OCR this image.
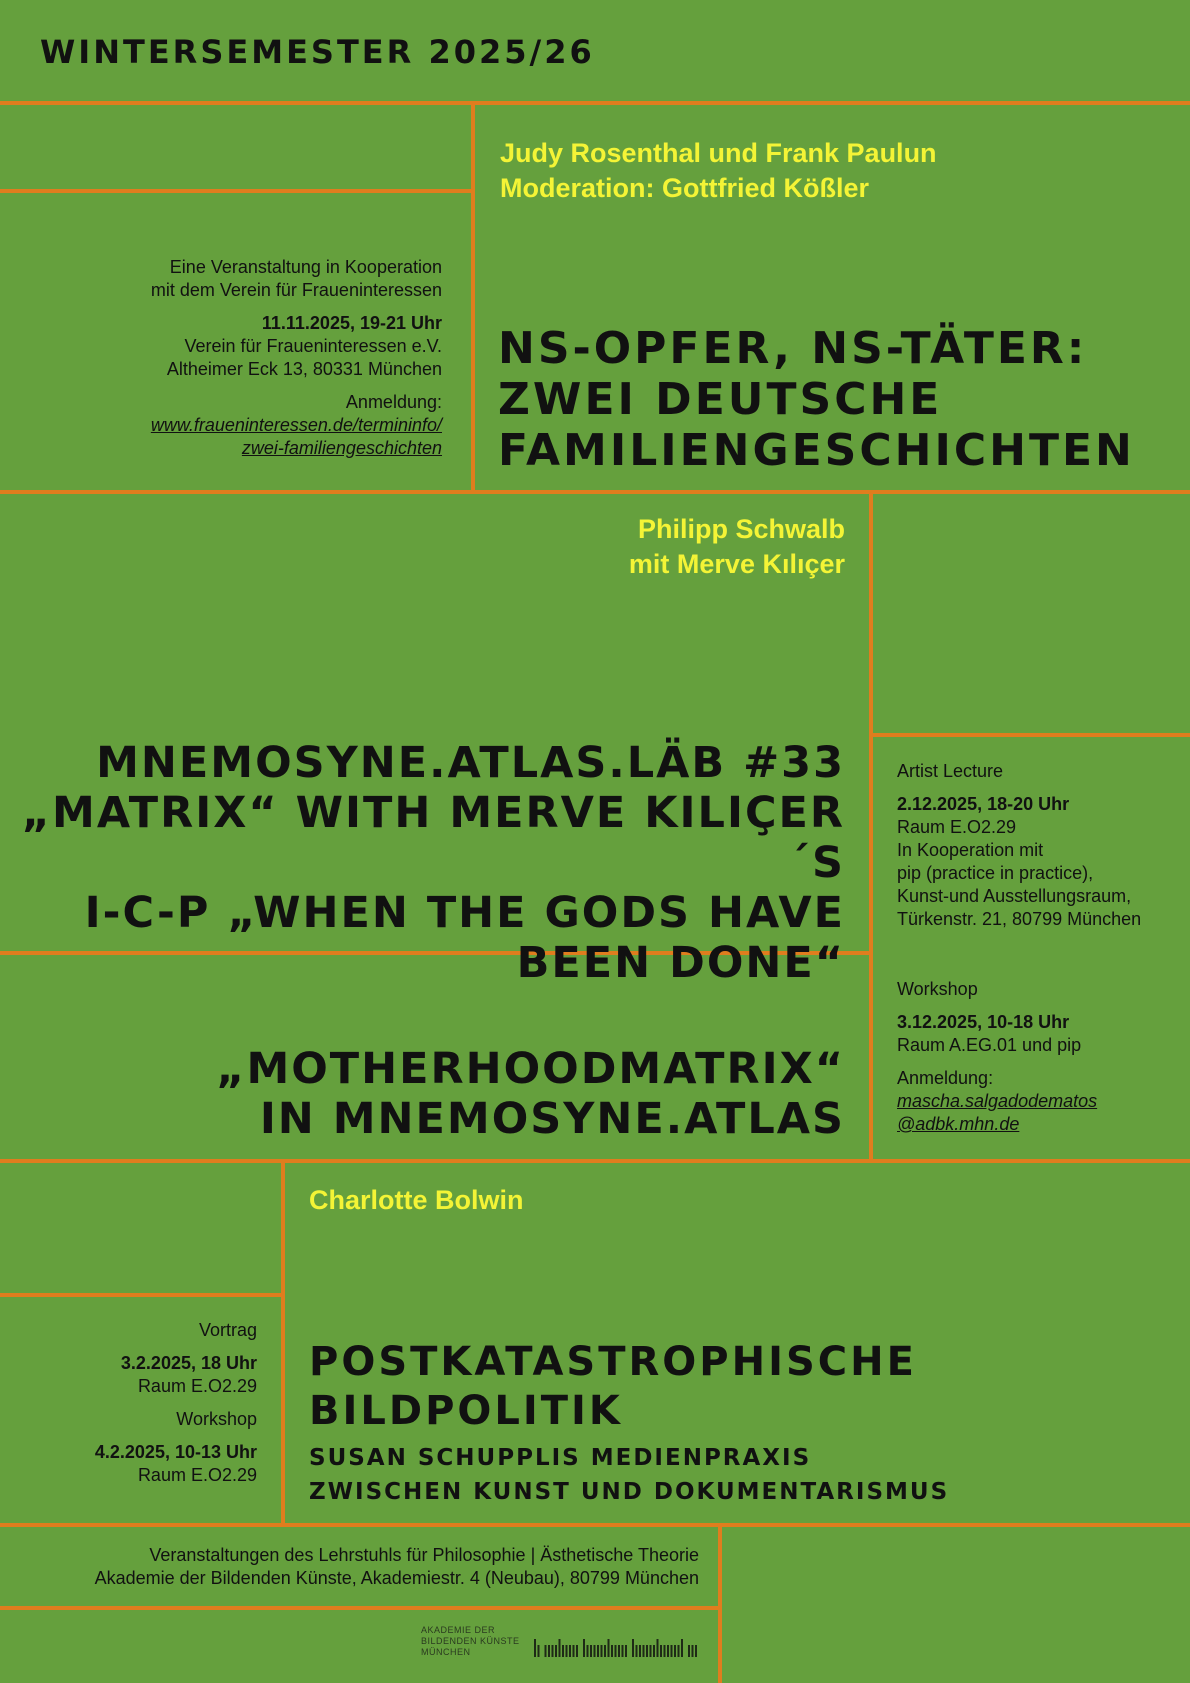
WINTERSEMESTER 2025/26
Judy Rosenthal und Frank Paulun
Moderation: Gottfried Kößler
Eine Veranstaltung in Kooperation
mit dem Verein für Fraueninteressen
11.11.2025, 19-21 Uhr
Verein für Fraueninteressen e.V.
Altheimer Eck 13, 80331 München
Anmeldung:
www.fraueninteressen.de/termininfo/
zwei-familiengeschichten
NS-OPFER, NS-TÄTER:
ZWEI DEUTSCHE
FAMILIENGESCHICHTEN
Philipp Schwalb
mit Merve Kılıçer
MNEMOSYNE.ATLAS.LÄB #33
„MATRIX“ WITH MERVE KILIÇER´S
I-C-P „WHEN THE GODS HAVE
BEEN DONE“
„MOTHERHOODMATRIX“
IN MNEMOSYNE.ATLAS
Artist Lecture
2.12.2025, 18-20 Uhr
Raum E.O2.29
In Kooperation mit
pip (practice in practice),
Kunst-und Ausstellungsraum,
Türkenstr. 21, 80799 München
Workshop
3.12.2025, 10-18 Uhr
Raum A.EG.01 und pip
Anmeldung:
mascha.salgadodematos
@adbk.mhn.de
Charlotte Bolwin
Vortrag
3.2.2025, 18 Uhr
Raum E.O2.29
Workshop
4.2.2025, 10-13 Uhr
Raum E.O2.29
POSTKATASTROPHISCHE
BILDPOLITIK
SUSAN SCHUPPLIS MEDIENPRAXIS
ZWISCHEN KUNST UND DOKUMENTARISMUS
Veranstaltungen des Lehrstuhls für Philosophie | Ästhetische Theorie
Akademie der Bildenden Künste, Akademiestr. 4 (Neubau), 80799 München
AKADEMIE DER
BILDENDEN KÜNSTE
MÜNCHEN
